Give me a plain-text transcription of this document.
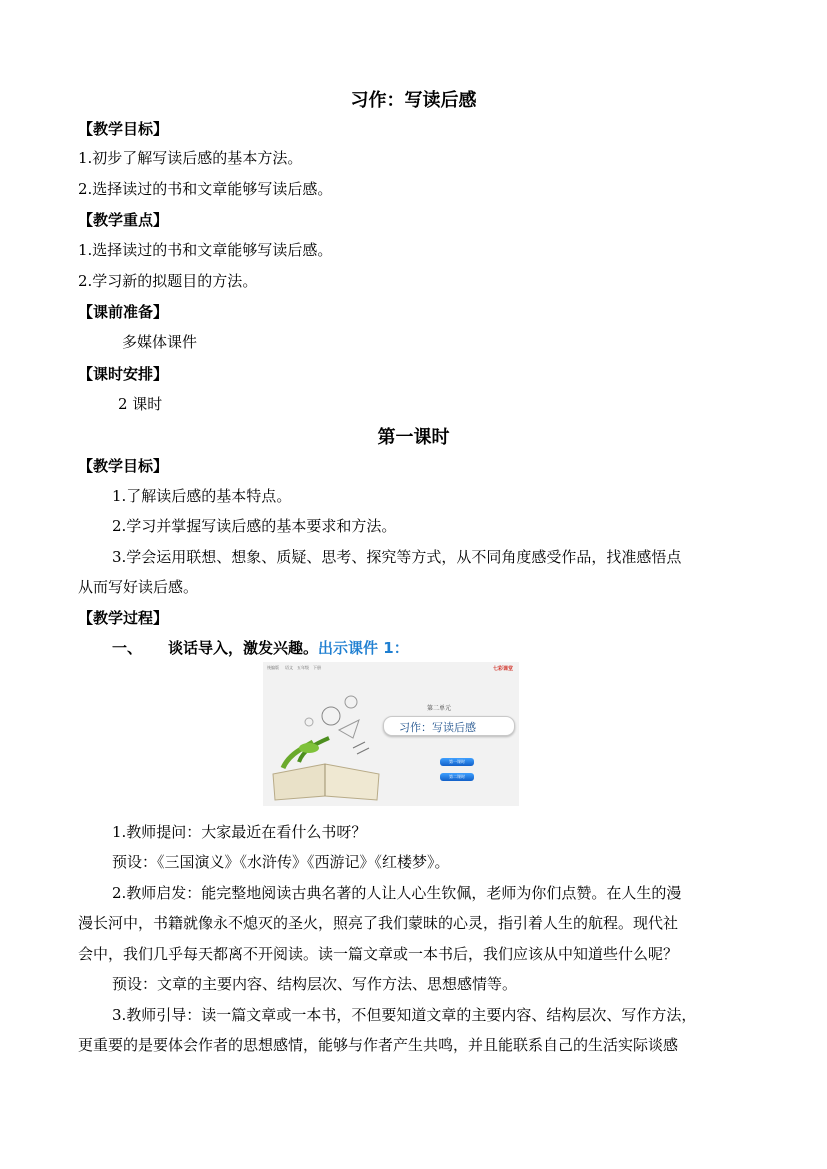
习作：写读后感
【教学目标】
1.初步了解写读后感的基本方法。
2.选择读过的书和文章能够写读后感。
【教学重点】
1.选择读过的书和文章能够写读后感。
2.学习新的拟题目的方法。
【课前准备】
多媒体课件
【课时安排】
2 课时
第一课时
【教学目标】
1.了解读后感的基本特点。
2.学习并掌握写读后感的基本要求和方法。
3.学会运用联想、想象、质疑、思考、探究等方式，从不同角度感受作品，找准感悟点
从而写好读后感。
【教学过程】
一、 谈话导入，激发兴趣。出示课件 1：
统编版 语文 五年级 下册	七彩课堂
第二单元
习作：写读后感
第一课时
第二课时
1.教师提问：大家最近在看什么书呀？
预设：《三国演义》《水浒传》《西游记》《红楼梦》。
2.教师启发：能完整地阅读古典名著的人让人心生钦佩，老师为你们点赞。在人生的漫
漫长河中，书籍就像永不熄灭的圣火，照亮了我们蒙昧的心灵，指引着人生的航程。现代社
会中，我们几乎每天都离不开阅读。读一篇文章或一本书后，我们应该从中知道些什么呢？
预设：文章的主要内容、结构层次、写作方法、思想感情等。
3.教师引导：读一篇文章或一本书，不但要知道文章的主要内容、结构层次、写作方法，
更重要的是要体会作者的思想感情，能够与作者产生共鸣，并且能联系自己的生活实际谈感
